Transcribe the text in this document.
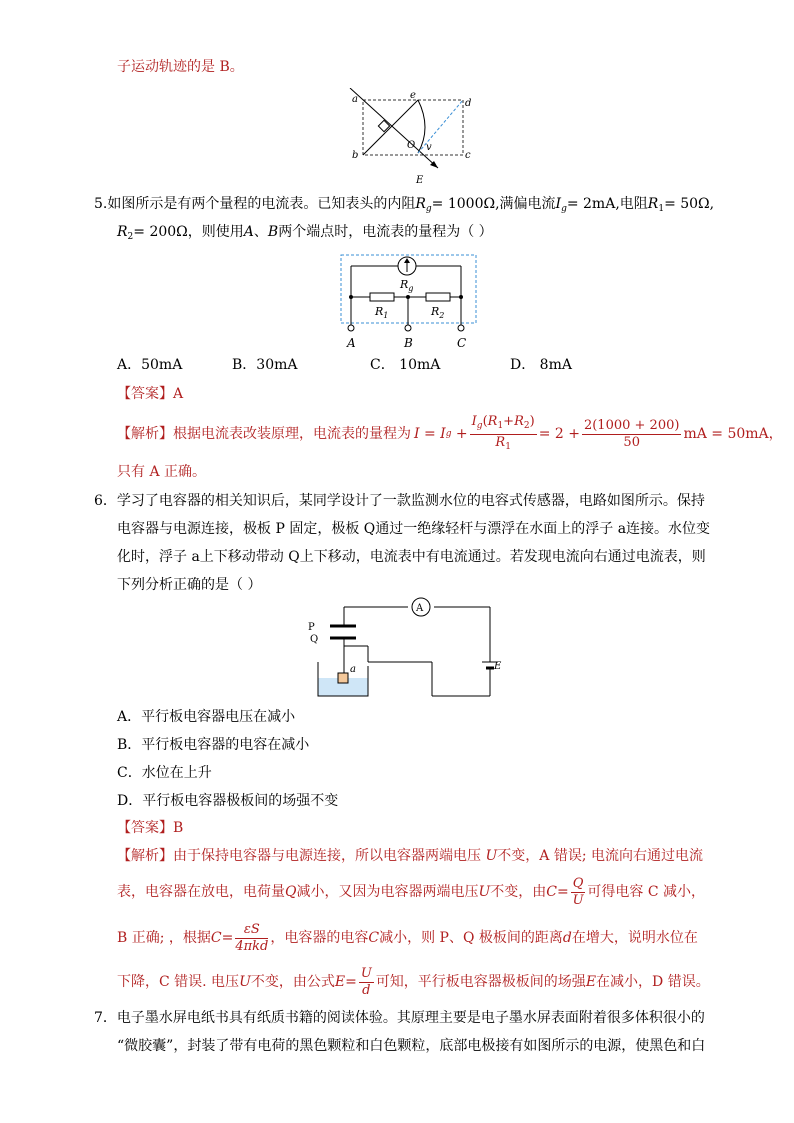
子运动轨迹的是 B。
a
b	c
d
e
O v
E
5.如图所示是有两个量程的电流表。已知表头的内阻$R_g= 1000\Omega$,满偏电流$I_g= 2mA$,电阻$R_1= 50\Omega$,
$R_2= 200\Omega$，则使用A、B两个端点时，电流表的量程为（ ）
$R_g$
$R_1$	$R_2$
A	B	C
A．50mA	B．30mA	C． 10mA	D． 8mA
【答案】A
【解析】 根据电流表改装原理，电流表的量程为 I
=
I g
+ $\frac{I_g(R_1+R_2)}{R_1} = 2 + \frac{2(1000 + 200)}{50}$ mA = 50mA ，
只有 A 正确。
6．学习了电容器的相关知识后，某同学设计了一款监测水位的电容式传感器，电路如图所示。保持
电容器与电源连接，极板 P 固定，极板 Q通过一绝缘轻杆与漂浮在水面上的浮子 a连接。水位变
化时，浮子 a上下移动带动 Q上下移动，电流表中有电流通过。若发现电流向右通过电流表，则
下列分析正确的是（ ）
A
P
Q
a	E
A．平行板电容器电压在减小
B．平行板电容器的电容在减小
C．水位在上升
D．平行板电容器极板间的场强不变
【答案】B
【解析】由于保持电容器与电源连接，所以电容器两端电压 U不变，A 错误; 电流向右通过电流
表，电容器在放电，电荷量 Q 减小，又因为电容器两端电压 U 不变，由 $C = \frac{Q}{U}$ 可得电容 C 减小，
B 正确; ，根据 $C = \frac{\varepsilon S}{\text{4πkd}}$ ，电容器的电容 C 减小，则 P、Q 极板间的距离 d 在增大，说明水位在
下降，C 错误. 电压 U 不变，由公式 $E = \frac{U}{d}$ 可知，平行板电容器极板间的场强 E 在减小，D 错误。
7．电子墨水屏电纸书具有纸质书籍的阅读体验。其原理主要是电子墨水屏表面附着很多体积很小的
“微胶囊”，封装了带有电荷的黑色颗粒和白色颗粒，底部电极接有如图所示的电源，使黑色和白
